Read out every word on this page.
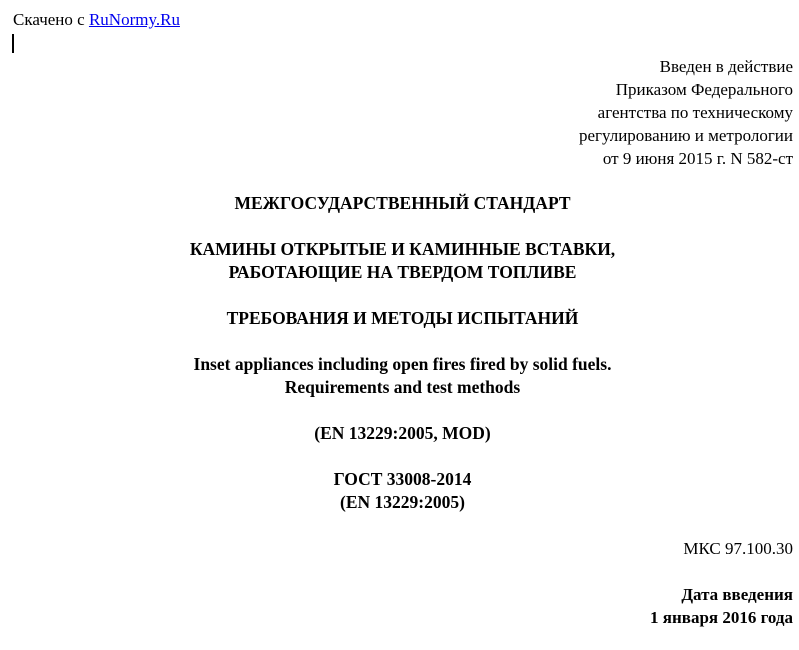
Скачено с RuNormy.Ru
Введен в действие
Приказом Федерального
агентства по техническому
регулированию и метрологии
от 9 июня 2015 г. N 582-ст
МЕЖГОСУДАРСТВЕННЫЙ СТАНДАРТ
КАМИНЫ ОТКРЫТЫЕ И КАМИННЫЕ ВСТАВКИ,
РАБОТАЮЩИЕ НА ТВЕРДОМ ТОПЛИВЕ
ТРЕБОВАНИЯ И МЕТОДЫ ИСПЫТАНИЙ
Inset appliances including open fires fired by solid fuels.
Requirements and test methods
(EN 13229:2005, MOD)
ГОСТ 33008-2014
(EN 13229:2005)
МКС 97.100.30
Дата введения
1 января 2016 года
